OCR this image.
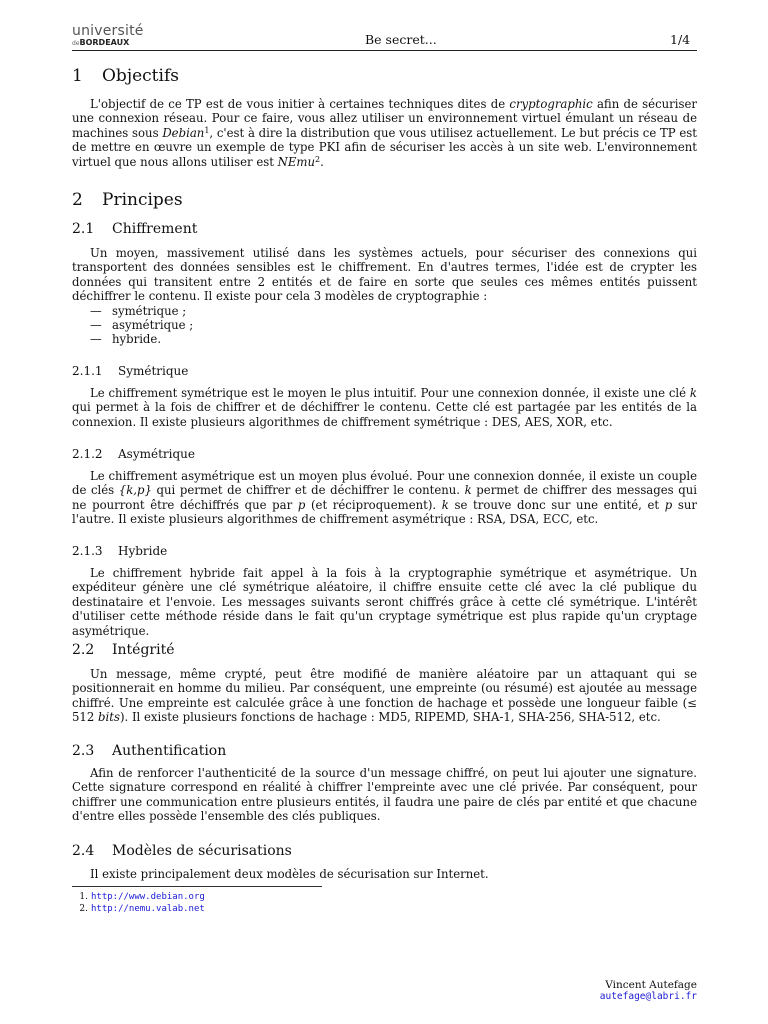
université
deBORDEAUX	Be secret...	1/4
1 Objectifs

L'objectif de ce TP est de vous initier à certaines techniques dites de cryptographic afin de sécuriser une connexion réseau. Pour ce faire, vous allez utiliser un environnement virtuel émulant un réseau de machines sous Debian$^1$, c'est à dire la distribution que vous utilisez actuellement. Le but précis ce TP est de mettre en œuvre un exemple de type PKI afin de sécuriser les accès à un site web. L'environnement virtuel que nous allons utiliser est NEmu$^2$.

2 Principes
2.1 Chiffrement

Un moyen, massivement utilisé dans les systèmes actuels, pour sécuriser des connexions qui transportent des données sensibles est le chiffrement. En d'autres termes, l'idée est de crypter les données qui transitent entre 2 entités et de faire en sorte que seules ces mêmes entités puissent déchiffrer le contenu. Il existe pour cela 3 modèles de cryptographie :

— symétrique ;
— asymétrique ;
— hybride.
2.1.1 Symétrique

Le chiffrement symétrique est le moyen le plus intuitif. Pour une connexion donnée, il existe une clé k qui permet à la fois de chiffrer et de déchiffrer le contenu. Cette clé est partagée par les entités de la connexion. Il existe plusieurs algorithmes de chiffrement symétrique : DES, AES, XOR, etc.

2.1.2 Asymétrique

Le chiffrement asymétrique est un moyen plus évolué. Pour une connexion donnée, il existe un couple de clés {k,p} qui permet de chiffrer et de déchiffrer le contenu. k permet de chiffrer des messages qui ne pourront être déchiffrés que par p (et réciproquement). k se trouve donc sur une entité, et p sur l'autre. Il existe plusieurs algorithmes de chiffrement asymétrique : RSA, DSA, ECC, etc.

2.1.3 Hybride

Le chiffrement hybride fait appel à la fois à la cryptographie symétrique et asymétrique. Un expéditeur génère une clé symétrique aléatoire, il chiffre ensuite cette clé avec la clé publique du destinataire et l'envoie. Les messages suivants seront chiffrés grâce à cette clé symétrique. L'intérêt d'utiliser cette méthode réside dans le fait qu'un cryptage symétrique est plus rapide qu'un cryptage asymétrique.

2.2 Intégrité

Un message, même crypté, peut être modifié de manière aléatoire par un attaquant qui se positionnerait en homme du milieu. Par conséquent, une empreinte (ou résumé) est ajoutée au message chiffré. Une empreinte est calculée grâce à une fonction de hachage et possède une longueur faible (≤ 512 bits). Il existe plusieurs fonctions de hachage : MD5, RIPEMD, SHA-1, SHA-256, SHA-512, etc.

2.3 Authentification

Afin de renforcer l'authenticité de la source d'un message chiffré, on peut lui ajouter une signature. Cette signature correspond en réalité à chiffrer l'empreinte avec une clé privée. Par conséquent, pour chiffrer une communication entre plusieurs entités, il faudra une paire de clés par entité et que chacune d'entre elles possède l'ensemble des clés publiques.

2.4 Modèles de sécurisations

Il existe principalement deux modèles de sécurisation sur Internet.

1. http://www.debian.org
2. http://nemu.valab.net
Vincent Autefage
autefage@labri.fr
